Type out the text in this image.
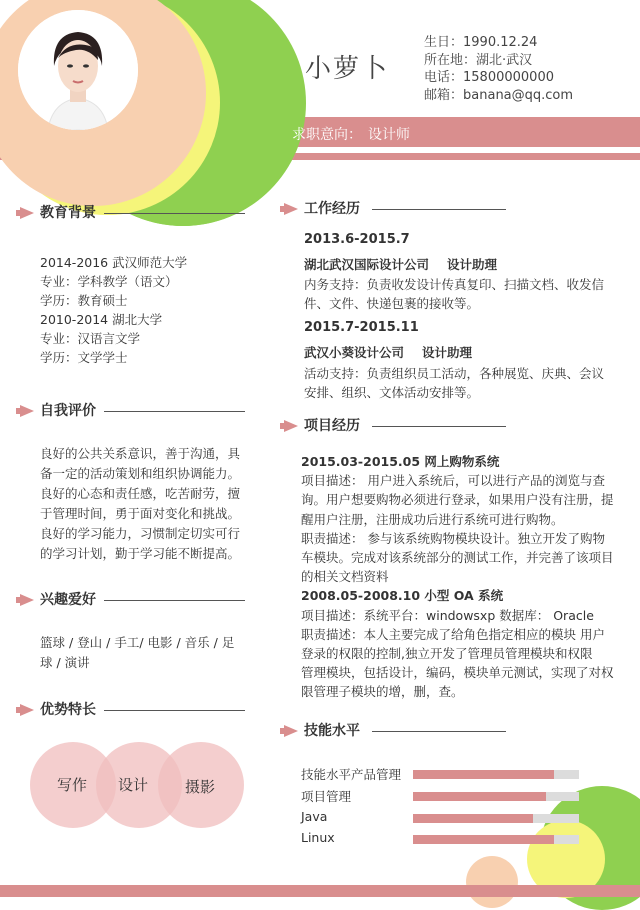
小萝卜
生日：1990.12.24
所在地：湖北·武汉
电话：15800000000
邮箱：banana@qq.com
求职意向： 设计师
教育背景
2014-2016 武汉师范大学
专业：学科教学（语文）
学历：教育硕士
2010-2014 湖北大学
专业：汉语言文学
学历：文学学士
自我评价
良好的公共关系意识，善于沟通，具
备一定的活动策划和组织协调能力。
良好的心态和责任感，吃苦耐劳，擅
于管理时间，勇于面对变化和挑战。
良好的学习能力，习惯制定切实可行
的学习计划，勤于学习能不断提高。
兴趣爱好
篮球 / 登山 / 手工/ 电影 / 音乐 / 足
球 / 演讲
优势特长
写作 设计 摄影
工作经历
2013.6-2015.7
湖北武汉国际设计公司 设计助理
内务支持：负责收发设计传真复印、扫描文档、收发信
件、文件、快递包裹的接收等。
2015.7-2015.11
武汉小葵设计公司 设计助理
活动支持：负责组织员工活动，各种展览、庆典、会议
安排、组织、文体活动安排等。
项目经历
2015.03-2015.05 网上购物系统
项目描述： 用户进入系统后，可以进行产品的浏览与查
询。用户想要购物必须进行登录，如果用户没有注册，提
醒用户注册，注册成功后进行系统可进行购物。
职责描述： 参与该系统购物模块设计。独立开发了购物
车模块。完成对该系统部分的测试工作，并完善了该项目
的相关文档资料
2008.05-2008.10 小型 OA 系统
项目描述：系统平台：windowsxp 数据库： Oracle
职责描述：本人主要完成了给角色指定相应的模块 用户
登录的权限的控制,独立开发了管理员管理模块和权限
管理模块，包括设计，编码，模块单元测试，实现了对权
限管理子模块的增，删，查。
技能水平
技能水平产品管理
项目管理
Java
Linux
